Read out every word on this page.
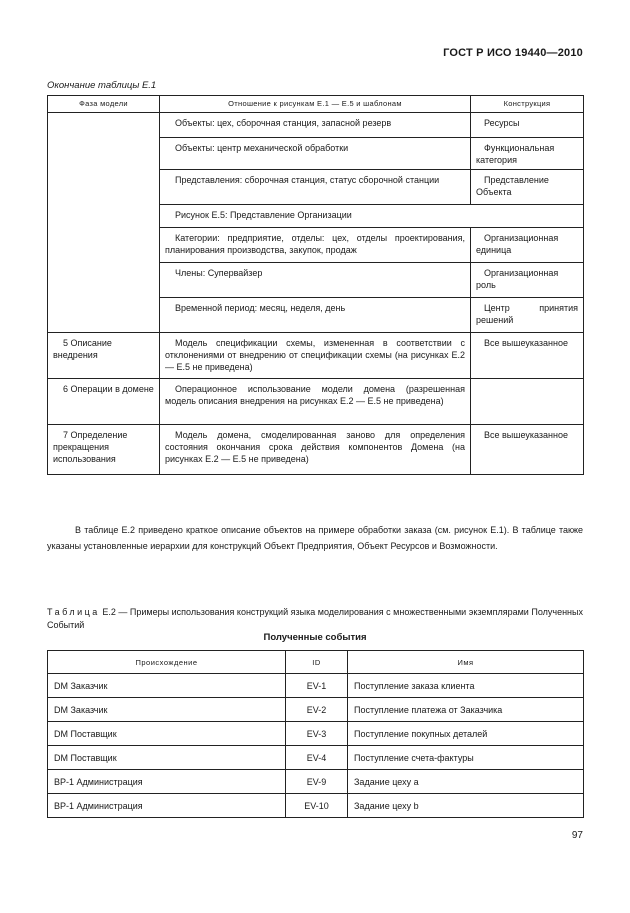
ГОСТ Р ИСО 19440—2010
Окончание таблицы Е.1
Фаза модели	Отношение к рисункам Е.1 — Е.5 и шаблонам	Конструкция
	Объекты: цех, сборочная станция, запасной резерв	Ресурсы
	Объекты: центр механической обработки	Функциональная категория
	Представления: сборочная станция, статус сборочной станции	Представление Объекта
	Рисунок Е.5: Представление Организации	
	Категории: предприятие, отделы: цех, отделы проектирования, планирования производства, закупок, продаж	Организационная единица
	Члены: Супервайзер	Организационная роль
	Временной период: месяц, неделя, день	Центр принятия решений
5 Описание внедрения	Модель спецификации схемы, измененная в соответствии с отклонениями от внедрению от спецификации схемы (на рисунках Е.2 — Е.5 не приведена)	Все вышеуказанное
6 Операции в домене	Операционное использование модели домена (разрешенная модель описания внедрения на рисунках Е.2 — Е.5 не приведена)	
7 Определение прекращения использования	Модель домена, смоделированная заново для определения состояния окончания срока действия компонентов Домена (на рисунках Е.2 — Е.5 не приведена)	Все вышеуказанное
В таблице Е.2 приведено краткое описание объектов на примере обработки заказа (см. рисунок Е.1). В таблице также указаны установленные иерархии для конструкций Объект Предприятия, Объект Ресурсов и Возможности.
Таблица Е.2 — Примеры использования конструкций языка моделирования с множественными экземплярами Полученных Событий
Полученные события
Происхождение	ID	Имя
DM Заказчик	EV-1	Поступление заказа клиента
DM Заказчик	EV-2	Поступление платежа от Заказчика
DM Поставщик	EV-3	Поступление покупных деталей
DM Поставщик	EV-4	Поступление счета-фактуры
BP-1 Администрация	EV-9	Задание цеху а
BP-1 Администрация	EV-10	Задание цеху b
97
